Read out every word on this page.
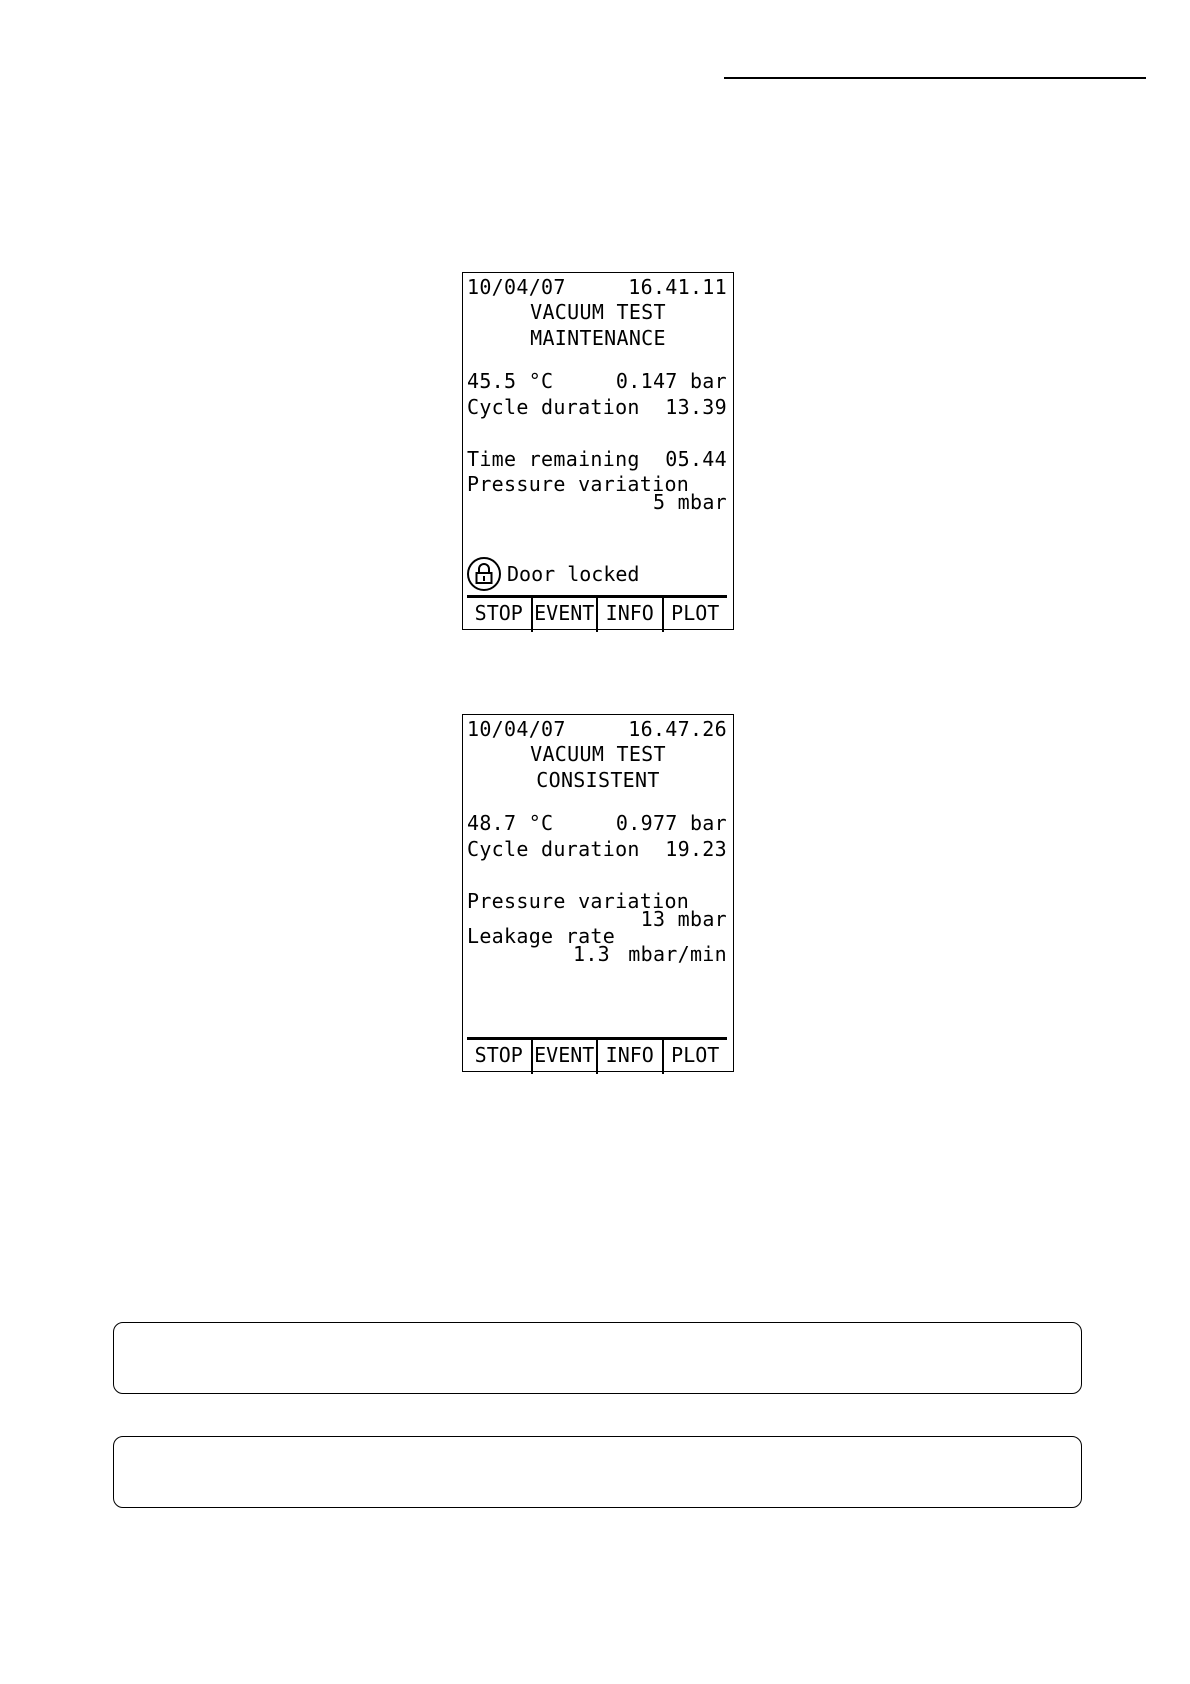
10/04/07	16.41.11
VACUUM TEST
MAINTENANCE
45.5 °C	0.147 bar
Cycle duration 13.39
Time remaining 05.44
Pressure variation
5 mbar
Door locked
STOP EVENT INFO PLOT
10/04/07	16.47.26
VACUUM TEST
CONSISTENT
48.7 °C	0.977 bar
Cycle duration 19.23
Pressure variation
13 mbar
Leakage rate
1.3 mbar/min
STOP EVENT INFO PLOT
